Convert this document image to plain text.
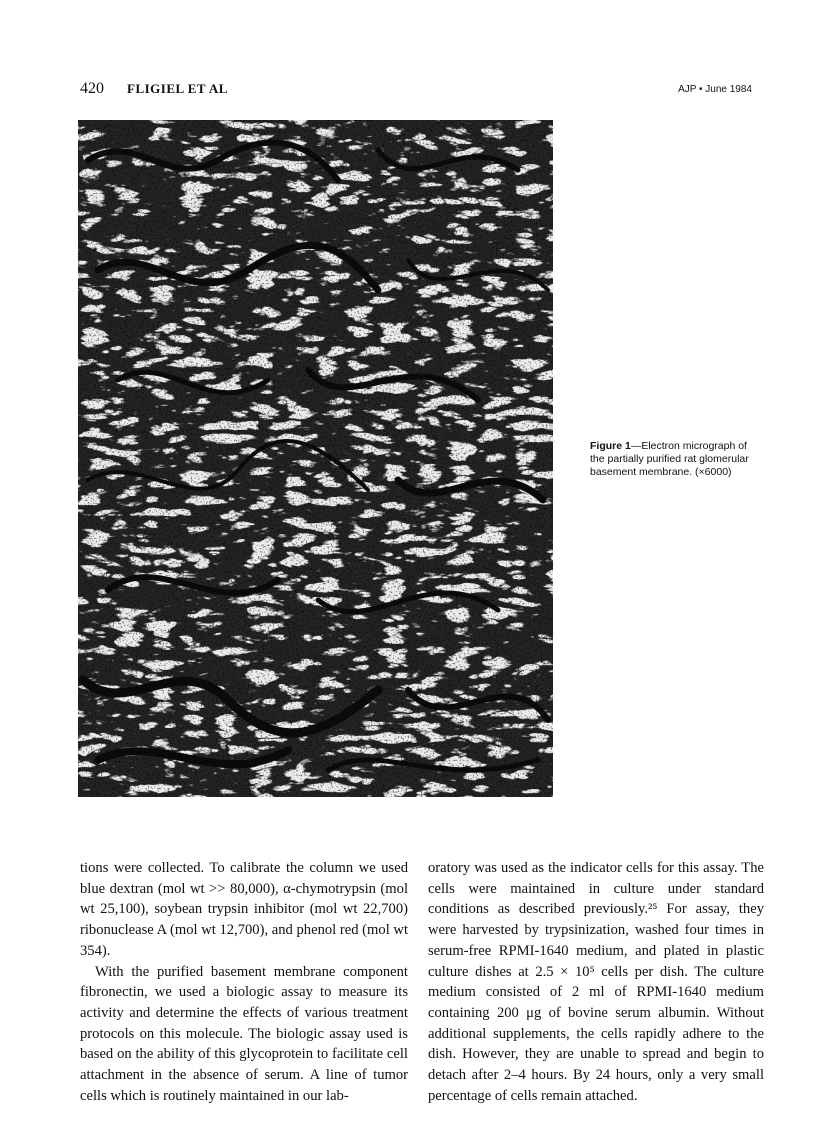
420 FLIGIEL ET AL	AJP • June 1984
Figure 1—Electron micrograph of the partially purified rat glomerular basement membrane. (×6000)

tions were collected. To calibrate the column we used blue dextran (mol wt >> 80,000), α-chymotrypsin (mol wt 25,100), soybean trypsin inhibitor (mol wt 22,700) ribonuclease A (mol wt 12,700), and phenol red (mol wt 354).

With the purified basement membrane component fibronectin, we used a biologic assay to measure its activity and determine the effects of various treatment protocols on this molecule. The biologic assay used is based on the ability of this glycoprotein to facilitate cell attachment in the absence of serum. A line of tumor cells which is routinely maintained in our lab-

oratory was used as the indicator cells for this assay. The cells were maintained in culture under standard conditions as described previously.²⁵ For assay, they were harvested by trypsinization, washed four times in serum-free RPMI-1640 medium, and plated in plastic culture dishes at 2.5 × 10⁵ cells per dish. The culture medium consisted of 2 ml of RPMI-1640 medium containing 200 μg of bovine serum albumin. Without additional supplements, the cells rapidly adhere to the dish. However, they are unable to spread and begin to detach after 2–4 hours. By 24 hours, only a very small percentage of cells remain attached.
